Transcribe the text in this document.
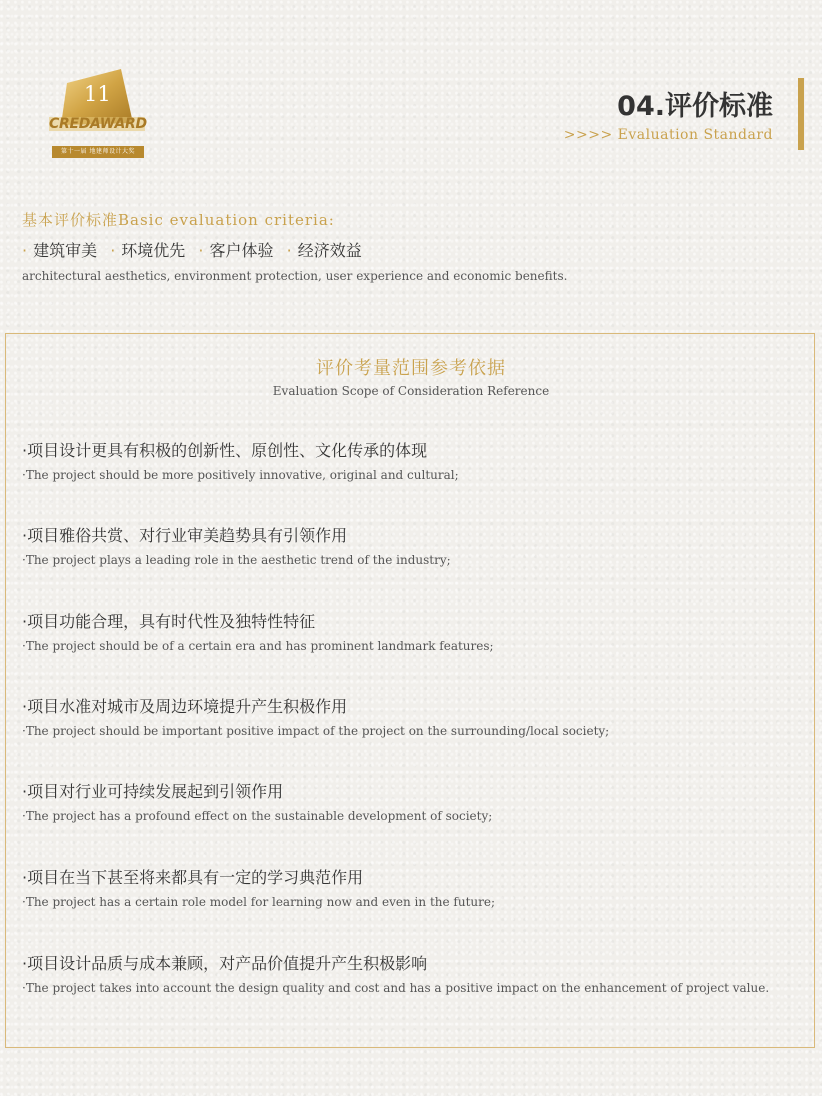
11
CREDAWARD
第十一届 地建师设计大奖
04.评价标准
>>>> Evaluation Standard
基本评价标准Basic evaluation criteria:
· 建筑审美 · 环境优先 · 客户体验 · 经济效益
architectural aesthetics, environment protection, user experience and economic benefits.
评价考量范围参考依据
Evaluation Scope of Consideration Reference
·项目设计更具有积极的创新性、原创性、文化传承的体现
·The project should be more positively innovative, original and cultural;
·项目雅俗共赏、对行业审美趋势具有引领作用
·The project plays a leading role in the aesthetic trend of the industry;
·项目功能合理，具有时代性及独特性特征
·The project should be of a certain era and has prominent landmark features;
·项目水准对城市及周边环境提升产生积极作用
·The project should be important positive impact of the project on the surrounding/local society;
·项目对行业可持续发展起到引领作用
·The project has a profound effect on the sustainable development of society;
·项目在当下甚至将来都具有一定的学习典范作用
·The project has a certain role model for learning now and even in the future;
·项目设计品质与成本兼顾，对产品价值提升产生积极影响
·The project takes into account the design quality and cost and has a positive impact on the enhancement of project value.
